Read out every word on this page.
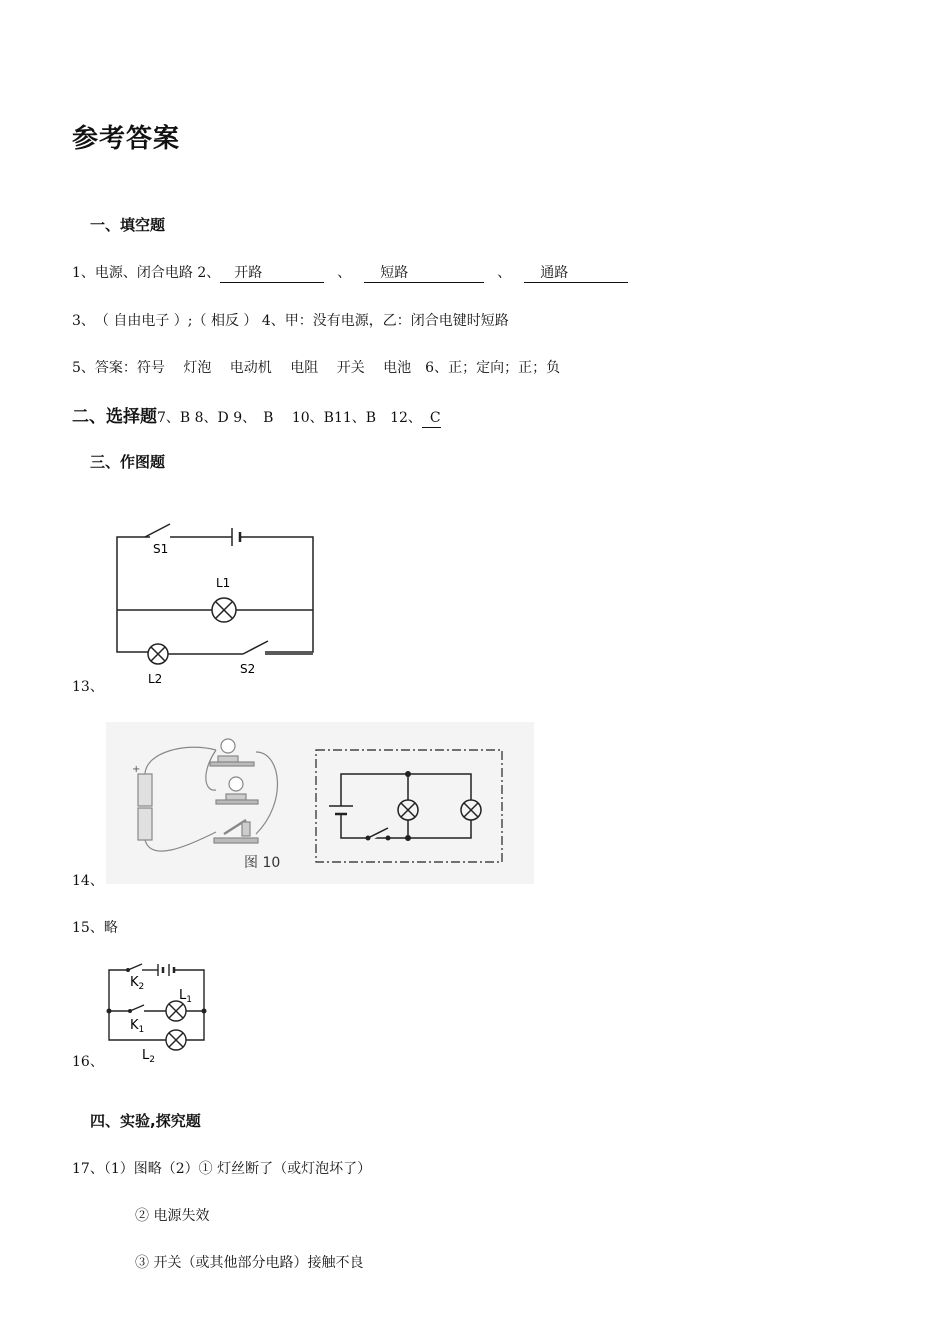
参考答案
一、填空题
1、电源、闭合电路 2、 开路	、 短路	、 通路
3、　（ 自由电子 ）;（ 相反 ） 4、甲：没有电源，乙：闭合电键时短路
5、答案：符号　 灯泡　 电动机　 电阻　 开关　 电池　6、正；定向；正；负
二、选择题7、B 8、D 9、　B　 10、B11、B　12、 C
三、作图题
S1
L1
L2
S2
13、
+
图 10
14、
15、略
$K_2$
$L_1$
$K_1$
$L_2$
16、
四、实验,探究题
17、（1）图略（2）① 灯丝断了（或灯泡坏了）
② 电源失效
③ 开关（或其他部分电路）接触不良
